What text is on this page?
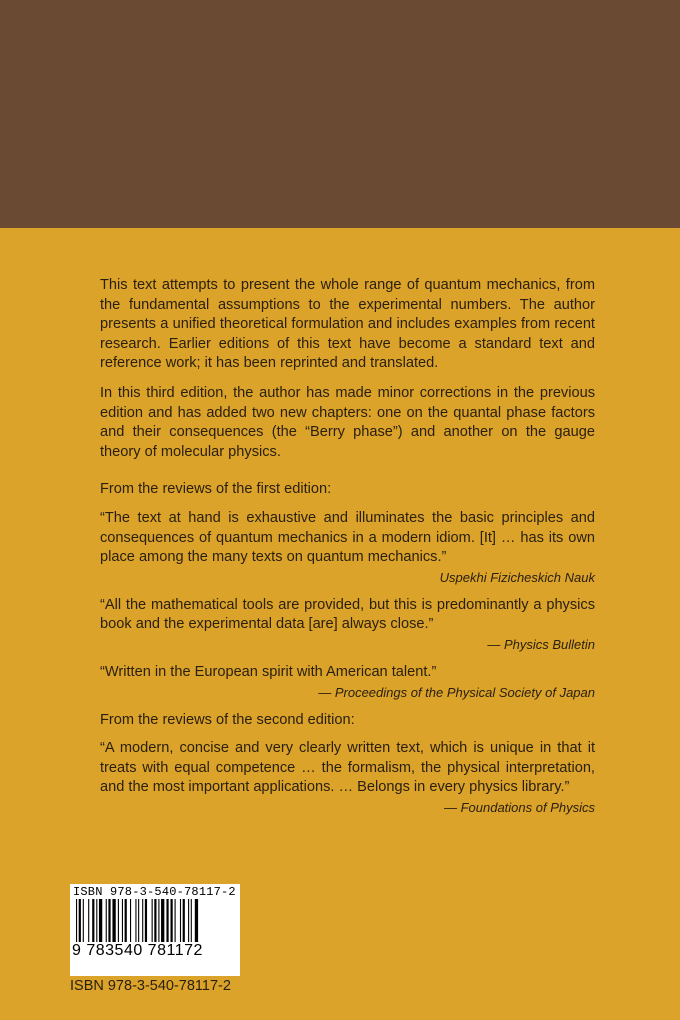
This text attempts to present the whole range of quantum mechanics, from the fundamental assumptions to the experimental numbers. The author presents a unified theoretical formulation and includes examples from recent research. Earlier editions of this text have become a standard text and reference work; it has been reprinted and translated.

In this third edition, the author has made minor corrections in the previous edition and has added two new chapters: one on the quantal phase factors and their consequences (the “Berry phase”) and another on the gauge theory of molecular physics.

From the reviews of the first edition:

“The text at hand is exhaustive and illuminates the basic principles and consequences of quantum mechanics in a modern idiom. [It] … has its own place among the many texts on quantum mechanics.”

Uspekhi Fizicheskich Nauk

“All the mathematical tools are provided, but this is predominantly a physics book and the experimental data [are] always close.”

— Physics Bulletin

“Written in the European spirit with American talent.”

— Proceedings of the Physical Society of Japan

From the reviews of the second edition:

“A modern, concise and very clearly written text, which is unique in that it treats with equal competence … the formalism, the physical interpretation, and the most important applications. … Belongs in every physics library.”

— Foundations of Physics

ISBN 978-3-540-78117-2
9 783540 781172
ISBN 978-3-540-78117-2
